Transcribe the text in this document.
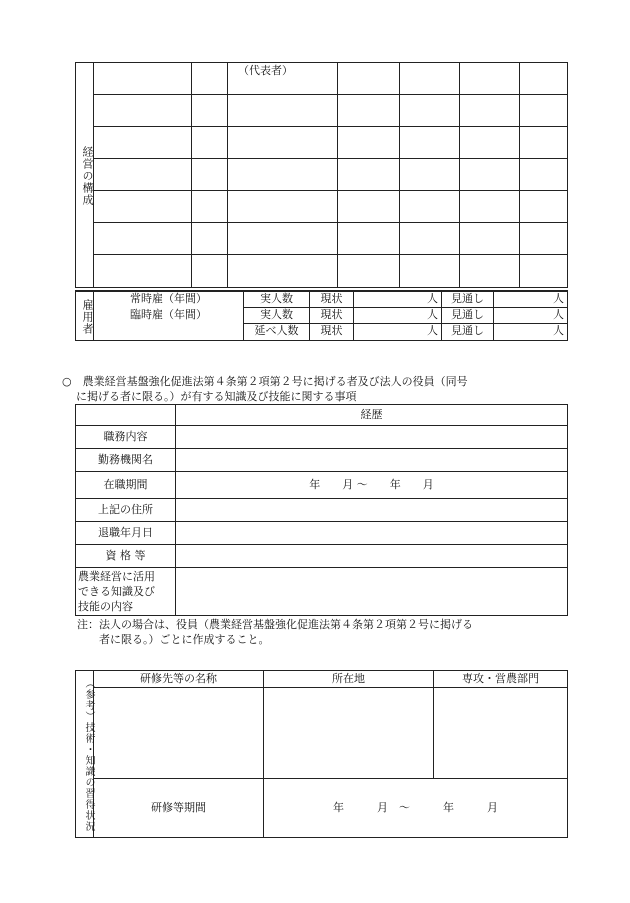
経営の構成			（代表者）				

雇用者	常時雇（年間）	実人数	現状	人	見通し	人
	臨時雇（年間）	実人数	現状	人	見通し	人
		延べ人数	現状	人	見通し	人
○　農業経営基盤強化促進法第４条第２項第２号に掲げる者及び法人の役員（同号
に掲げる者に限る。）が有する知識及び技能に関する事項
	経歴
職務内容	
勤務機関名	
在職期間	年　　月 ～　　年　　月
上記の住所	
退職年月日	
資 格 等	

農業経営に活用
できる知識及び
技能の内容	

注：法人の場合は、役員（農業経営基盤強化促進法第４条第２項第２号に掲げる
者に限る。）ごとに作成すること。
（参考）技術・知識の習得状況	研修先等の名称	所在地	専攻・営農部門

	研修等期間	年　　　月　～　　　年　　　月	
